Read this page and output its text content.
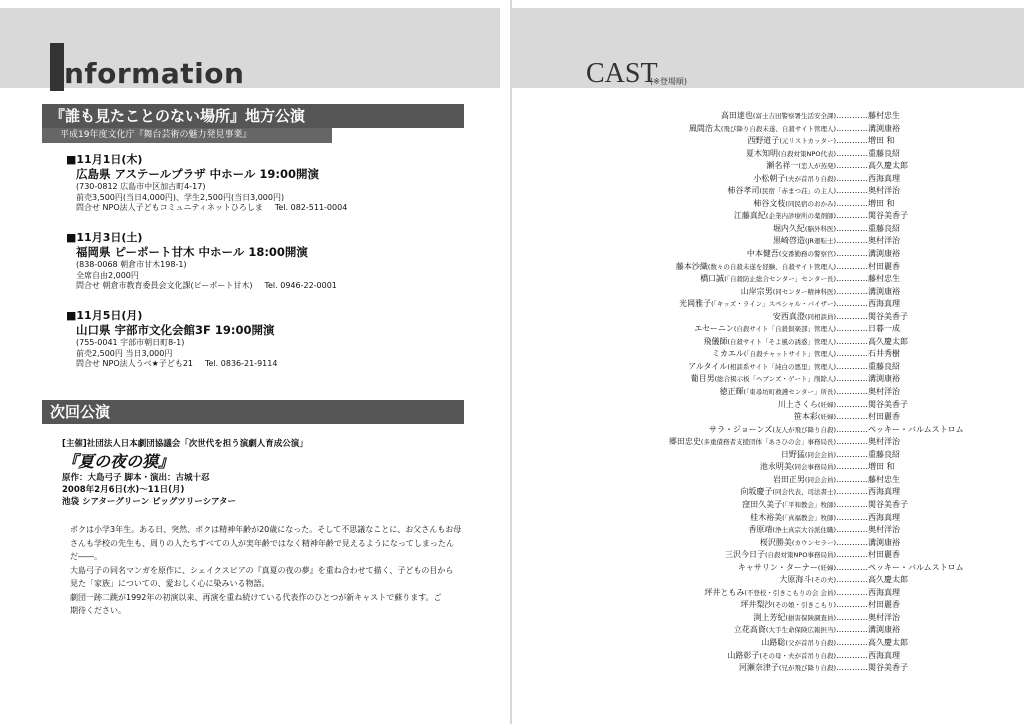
nformation
『誰も見たことのない場所』地方公演
平成19年度文化庁『舞台芸術の魅力発見事業』
■11月1日(木)
広島県 アステールプラザ 中ホール 19:00開演
(730-0812 広島市中区加古町4-17)
前売3,500円(当日4,000円)、学生2,500円(当日3,000円)
問合せ NPO法人子どもコミュニティネットひろしま Tel. 082-511-0004
■11月3日(土)
福岡県 ピーポート甘木 中ホール 18:00開演
(838-0068 朝倉市甘木198-1)
全席自由2,000円
問合せ 朝倉市教育委員会文化課(ピーポート甘木) Tel. 0946-22-0001
■11月5日(月)
山口県 宇部市文化会館3F 19:00開演
(755-0041 宇部市朝日町8-1)
前売2,500円 当日3,000円
問合せ NPO法人うべ★子ども21 Tel. 0836-21-9114
次回公演
[主催]社団法人日本劇団協議会「次世代を担う演劇人育成公演」
『夏の夜の獏』
原作：大島弓子 脚本・演出：古城十忍
2008年2月6日(水)～11日(月)
池袋 シアターグリーン ビッグツリーシアター

ボクは小学3年生。ある日、突然、ボクは精神年齢が20歳になった。そして不思議なことに、お父さんもお母

さんも学校の先生も、周りの人たちすべての人が実年齢ではなく精神年齢で見えるようになってしまったん

だ――。

大島弓子の同名マンガを原作に、シェイクスピアの『真夏の夜の夢』を重ね合わせて描く、子どもの目から

見た「家族」についての、愛おしく心に染みいる物語。

劇団一跡二跳が1992年の初演以来、再演を重ね続けている代表作のひとつが新キャストで蘇ります。ご

期待ください。

CAST
(※登場順)
高田達也(富士吉田警察署生活安全課)………… 藤村忠生
風間浩太(飛び降り自殺未遂、自殺サイト管理人)………… 溝渕康裕
西野道子(元リストカッター)………… 増田 和
夏木知明(自殺対策NPO代表)………… 重藤良紹
瀬名祥一(恋人が蒸発)………… 高久慶太郎
小松朝子(夫が首吊り自殺)………… 西海真理
柿谷孝司(民宿「赤まつ荘」の主人)………… 奥村洋治
柿谷文枝(同民宿のおかみ)………… 増田 和
江藤真紀(企業内診療所の薬剤師)………… 関谷美香子
堀内久紀(脳外科医)………… 重藤良紹
黒崎啓造(JR運転士)………… 奥村洋治
中本健吾(交番勤務の警察官)………… 溝渕康裕
藤本沙織(数々の自殺未遂を経験、自殺サイト管理人)………… 村田麗香
橋口誠(「自殺防止総合センター」センター長)………… 藤村忠生
山岸宗男(同センター精神科医)………… 溝渕康裕
光岡雅子(「キッズ・ライン」スペシャル・バイザー)………… 西海真理
安西真澄(同相談員)………… 関谷美香子
エセーニン(自殺サイト「自殺倶楽部」管理人)………… 日暮一成
飛儀師(自殺サイト「そよ風の誘惑」管理人)………… 高久慶太郎
ミカエル(「自殺チャットサイト」管理人)………… 石井秀樹
アルタイル(相談系サイト「純白の悪里」管理人)………… 重藤良紹
葡目男(総合掲示板「ヘブンズ・ゲート」削除人)………… 溝渕康裕
徳正輝(「東尋坊町救護センター」所長)………… 奥村洋治
川上さくら(妊婦)………… 関谷美香子
笹本彩(妊婦)………… 村田麗香
サラ・ジョーンズ(友人が飛び降り自殺)………… ペッキー・バルムストロム
郷田忠史(多重債務者支援団体「あさひの会」事務局長)………… 奥村洋治
日野猛(同会会員)………… 重藤良紹
池永明美(同会事務局員)………… 増田 和
岩田正男(同会会員)………… 藤村忠生
向坂慶子(同会代表、司法書士)………… 西海真理
窪田久美子(「平和教会」牧師)………… 関谷美香子
桂木裕美(「真福教会」牧師)………… 西海真理
香原靖(浄土真宗大谷派住職)………… 奥村洋治
桜沢勝美(カウンセラー)………… 溝渕康裕
三沢今日子(自殺対策NPO事務局員)………… 村田麗香
キャサリン・ターナー(妊婦)………… ペッキー・バルムストロム
大原海斗(その夫)………… 高久慶太郎
坪井ともみ(不登校・引きこもりの会 会員)………… 西海真理
坪井梨沙(その娘・引きこもり)………… 村田麗香
渕上芳紀(損害保険調査員)………… 奥村洋治
立花高資(大手生命保険広報担当)………… 溝渕康裕
山路聡(父が首吊り自殺)………… 高久慶太郎
山路彰子(その母・夫が首吊り自殺)………… 西海真理
河瀬奈津子(兄が飛び降り自殺)………… 関谷美香子
